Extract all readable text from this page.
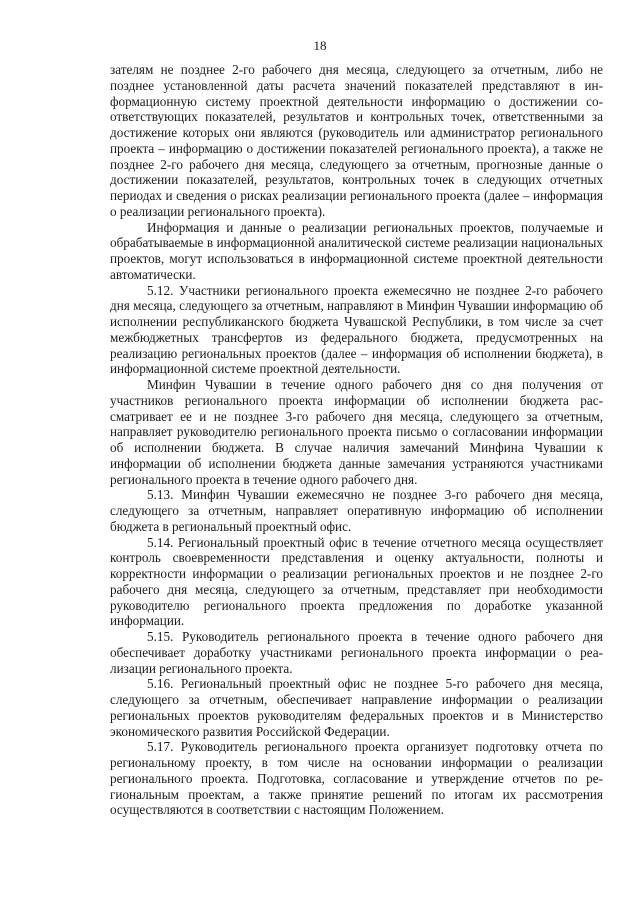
18

зателям не позднее 2-го рабочего дня месяца, следующего за отчетным, либо не позднее установленной даты расчета значений показателей представляют в информационную систему проектной деятельности информацию о достижении соответствующих показателей, результатов и контрольных точек, ответственными за достижение которых они являются (руководитель или администратор регионального проекта – информацию о достижении показателей регионального проекта), а также не позднее 2-го рабочего дня месяца, следующего за отчетным, прогнозные данные о достижении показателей, результатов, контрольных точек в следующих отчетных периодах и сведения о рисках реализации регионального проекта (далее – информация о реализации регионального проекта).

Информация и данные о реализации региональных проектов, получаемые и обрабатываемые в информационной аналитической системе реализации национальных проектов, могут использоваться в информационной системе проектной деятельности автоматически.

5.12. Участники регионального проекта ежемесячно не позднее 2-го рабочего дня месяца, следующего за отчетным, направляют в Минфин Чувашии информацию об исполнении республиканского бюджета Чувашской Республики, в том числе за счет межбюджетных трансфертов из федерального бюджета, предусмотренных на реализацию региональных проектов (далее – информация об исполнении бюджета), в информационной системе проектной деятельности.

Минфин Чувашии в течение одного рабочего дня со дня получения от участников регионального проекта информации об исполнении бюджета рассматривает ее и не позднее 3-го рабочего дня месяца, следующего за отчетным, направляет руководителю регионального проекта письмо о согласовании информации об исполнении бюджета. В случае наличия замечаний Минфина Чувашии к информации об исполнении бюджета данные замечания устраняются участниками регионального проекта в течение одного рабочего дня.

5.13. Минфин Чувашии ежемесячно не позднее 3-го рабочего дня месяца, следующего за отчетным, направляет оперативную информацию об исполнении бюджета в региональный проектный офис.

5.14. Региональный проектный офис в течение отчетного месяца осуществляет контроль своевременности представления и оценку актуальности, полноты и корректности информации о реализации региональных проектов и не позднее 2-го рабочего дня месяца, следующего за отчетным, представляет при необходимости руководителю регионального проекта предложения по доработке указанной информации.

5.15. Руководитель регионального проекта в течение одного рабочего дня обеспечивает доработку участниками регионального проекта информации о реализации регионального проекта.

5.16. Региональный проектный офис не позднее 5-го рабочего дня месяца, следующего за отчетным, обеспечивает направление информации о реализации региональных проектов руководителям федеральных проектов и в Министерство экономического развития Российской Федерации.

5.17. Руководитель регионального проекта организует подготовку отчета по региональному проекту, в том числе на основании информации о реализации регионального проекта. Подготовка, согласование и утверждение отчетов по региональным проектам, а также принятие решений по итогам их рассмотрения осуществляются в соответствии с настоящим Положением.
